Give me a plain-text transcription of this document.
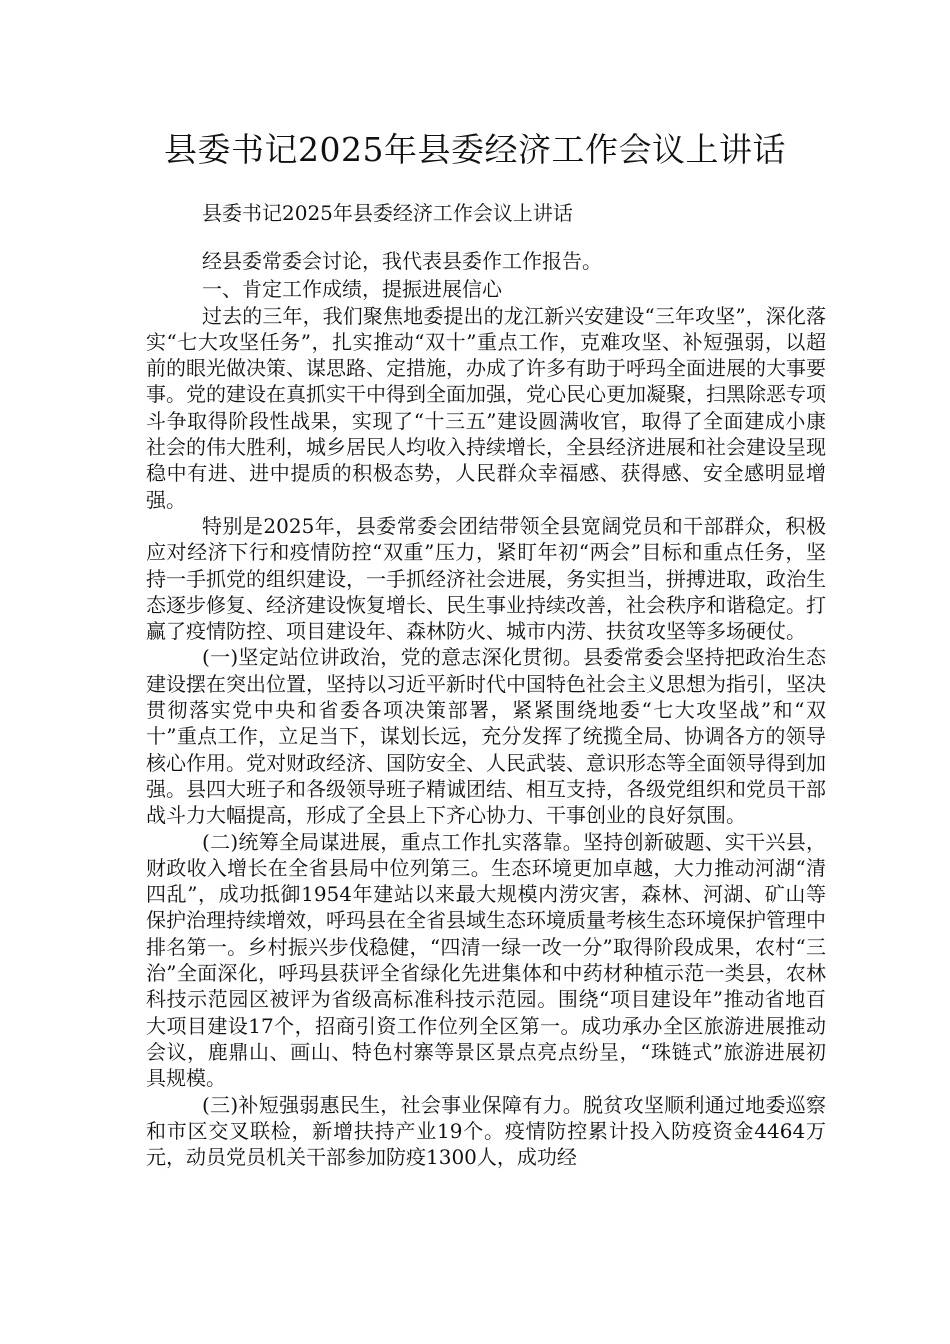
县委书记2025年县委经济工作会议上讲话
县委书记2025年县委经济工作会议上讲话

经县委常委会讨论，我代表县委作工作报告。

一、肯定工作成绩，提振进展信心

过去的三年，我们聚焦地委提出的龙江新兴安建设“三年攻坚”，深化落实“七大攻坚任务”，扎实推动“双十”重点工作，克难攻坚、补短强弱，以超前的眼光做决策、谋思路、定措施，办成了许多有助于呼玛全面进展的大事要事。党的建设在真抓实干中得到全面加强，党心民心更加凝聚，扫黑除恶专项斗争取得阶段性战果，实现了“十三五”建设圆满收官，取得了全面建成小康社会的伟大胜利，城乡居民人均收入持续增长，全县经济进展和社会建设呈现稳中有进、进中提质的积极态势，人民群众幸福感、获得感、安全感明显增强。

特别是2025年，县委常委会团结带领全县宽阔党员和干部群众，积极应对经济下行和疫情防控“双重”压力，紧盯年初“两会”目标和重点任务，坚持一手抓党的组织建设，一手抓经济社会进展，务实担当，拼搏进取，政治生态逐步修复、经济建设恢复增长、民生事业持续改善，社会秩序和谐稳定。打赢了疫情防控、项目建设年、森林防火、城市内涝、扶贫攻坚等多场硬仗。

(一)坚定站位讲政治，党的意志深化贯彻。县委常委会坚持把政治生态建设摆在突出位置，坚持以习近平新时代中国特色社会主义思想为指引，坚决贯彻落实党中央和省委各项决策部署，紧紧围绕地委“七大攻坚战”和“双十”重点工作，立足当下，谋划长远，充分发挥了统揽全局、协调各方的领导核心作用。党对财政经济、国防安全、人民武装、意识形态等全面领导得到加强。县四大班子和各级领导班子精诚团结、相互支持，各级党组织和党员干部战斗力大幅提高，形成了全县上下齐心协力、干事创业的良好氛围。

(二)统筹全局谋进展，重点工作扎实落靠。坚持创新破题、实干兴县，财政收入增长在全省县局中位列第三。生态环境更加卓越，大力推动河湖“清四乱”，成功抵御1954年建站以来最大规模内涝灾害，森林、河湖、矿山等保护治理持续增效，呼玛县在全省县域生态环境质量考核生态环境保护管理中排名第一。乡村振兴步伐稳健，“四清一绿一改一分”取得阶段成果，农村“三治”全面深化，呼玛县获评全省绿化先进集体和中药材种植示范一类县，农林科技示范园区被评为省级高标准科技示范园。围绕“项目建设年”推动省地百大项目建设17个，招商引资工作位列全区第一。成功承办全区旅游进展推动会议，鹿鼎山、画山、特色村寨等景区景点亮点纷呈，“珠链式”旅游进展初具规模。

(三)补短强弱惠民生，社会事业保障有力。脱贫攻坚顺利通过地委巡察和市区交叉联检，新增扶持产业19个。疫情防控累计投入防疫资金4464万元，动员党员机关干部参加防疫1300人，成功经
